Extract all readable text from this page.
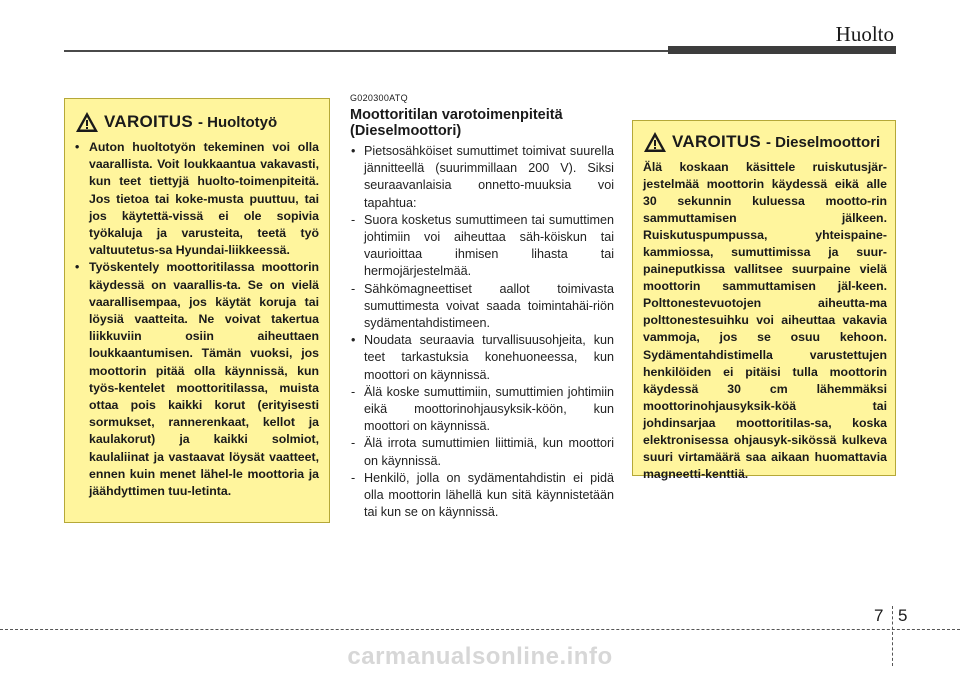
Huolto
VAROITUS - Huoltotyö
• Auton huoltotyön tekeminen voi olla vaarallista. Voit loukkaantua vakavasti, kun teet tiettyjä huolto-toimenpiteitä. Jos tietoa tai koke-musta puuttuu, tai jos käytettä-vissä ei ole sopivia työkaluja ja varusteita, teetä työ valtuutetus-sa Hyundai-liikkeessä.
• Työskentely moottoritilassa moottorin käydessä on vaarallis-ta. Se on vielä vaarallisempaa, jos käytät koruja tai löysiä vaatteita. Ne voivat takertua liikkuviin osiin aiheuttaen loukkaantumisen. Tämän vuoksi, jos moottorin pitää olla käynnissä, kun työs-kentelet moottoritilassa, muista ottaa pois kaikki korut (erityisesti sormukset, rannerenkaat, kellot ja kaulakorut) ja kaikki solmiot, kaulaliinat ja vastaavat löysät vaatteet, ennen kuin menet lähel-le moottoria ja jäähdyttimen tuu-letinta.

G020300ATQ

Moottoritilan varotoimenpiteitä (Dieselmoottori)
• Pietsosähköiset sumuttimet toimivat suurella jännitteellä (suurimmillaan 200 V). Siksi seuraavanlaisia onnetto-muuksia voi tapahtua:
- Suora kosketus sumuttimeen tai sumuttimen johtimiin voi aiheuttaa säh-köiskun tai vaurioittaa ihmisen lihasta tai hermojärjestelmää.
- Sähkömagneettiset aallot toimivasta sumuttimesta voivat saada toimintahäi-riön sydämentahdistimeen.
• Noudata seuraavia turvallisuusohjeita, kun teet tarkastuksia konehuoneessa, kun moottori on käynnissä.
- Älä koske sumuttimiin, sumuttimien johtimiin eikä moottorinohjausyksik-köön, kun moottori on käynnissä.
- Älä irrota sumuttimien liittimiä, kun moottori on käynnissä.
- Henkilö, jolla on sydämentahdistin ei pidä olla moottorin lähellä kun sitä käynnistetään tai kun se on käynnissä.
VAROITUS - Dieselmoottori

Älä koskaan käsittele ruiskutusjär-jestelmää moottorin käydessä eikä alle 30 sekunnin kuluessa mootto-rin sammuttamisen jälkeen. Ruiskutuspumpussa, yhteispaine-kammiossa, sumuttimissa ja suur-paineputkissa vallitsee suurpaine vielä moottorin sammuttamisen jäl-keen. Polttonestevuotojen aiheutta-ma polttonestesuihku voi aiheuttaa vakavia vammoja, jos se osuu kehoon. Sydämentahdistimella varustettujen henkilöiden ei pitäisi tulla moottorin käydessä 30 cm lähemmäksi moottorinohjausyksik-köä tai johdinsarjaa moottoritilas-sa, koska elektronisessa ohjausyk-sikössä kulkeva suuri virtamäärä saa aikaan huomattavia magneetti-kenttiä.

7 5
carmanualsonline.info
